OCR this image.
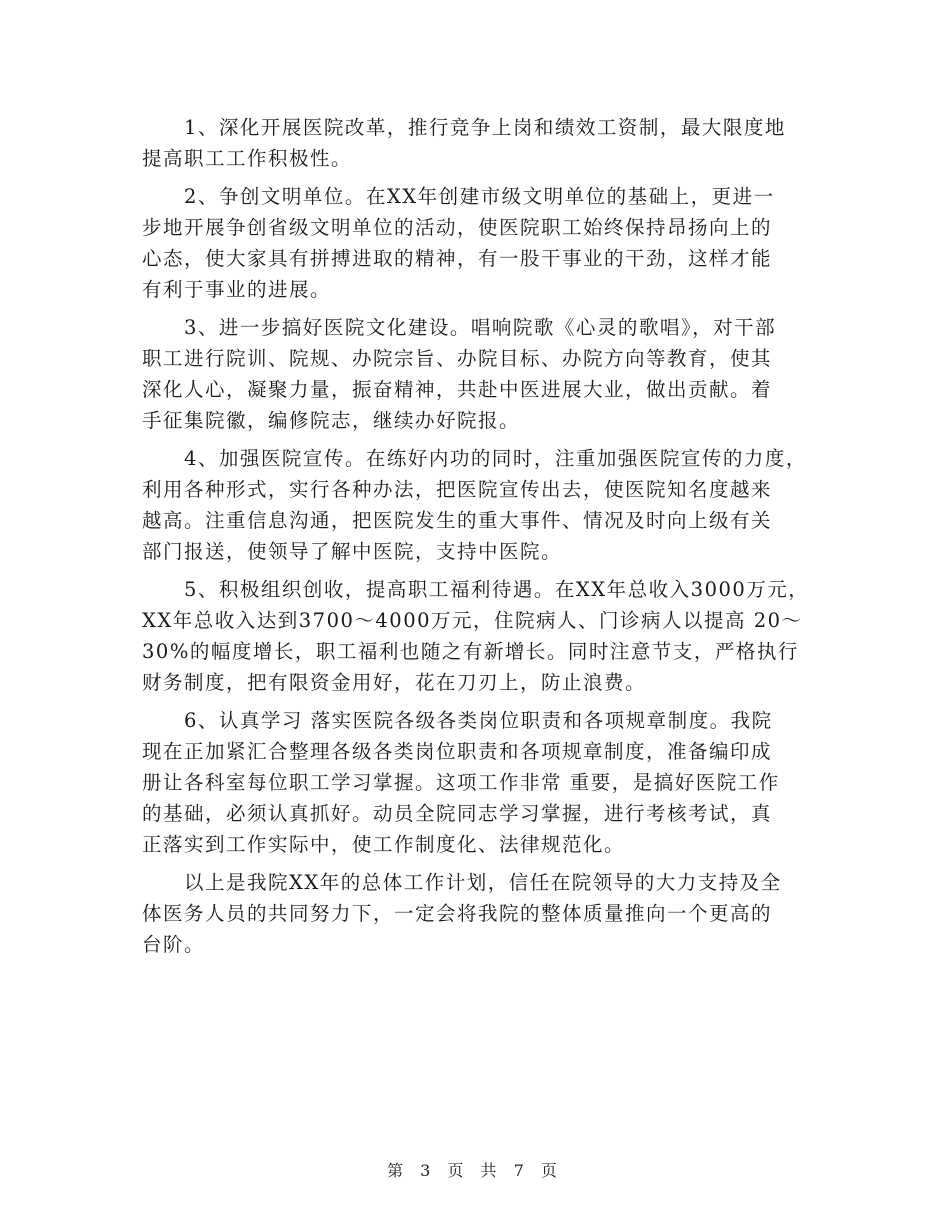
1、深化开展医院改革，推行竞争上岗和绩效工资制，最大限度地
提高职工工作积极性。

2、争创文明单位。在XX年创建市级文明单位的基础上，更进一
步地开展争创省级文明单位的活动，使医院职工始终保持昂扬向上的
心态，使大家具有拼搏进取的精神，有一股干事业的干劲，这样才能
有利于事业的进展。

3、进一步搞好医院文化建设。唱响院歌《心灵的歌唱》，对干部
职工进行院训、院规、办院宗旨、办院目标、办院方向等教育，使其
深化人心，凝聚力量，振奋精神，共赴中医进展大业，做出贡献。着
手征集院徽，编修院志，继续办好院报。

4、加强医院宣传。在练好内功的同时，注重加强医院宣传的力度，
利用各种形式，实行各种办法，把医院宣传出去，使医院知名度越来
越高。注重信息沟通，把医院发生的重大事件、情况及时向上级有关
部门报送，使领导了解中医院，支持中医院。

5、积极组织创收，提高职工福利待遇。在XX年总收入3000万元，
XX年总收入达到3700～4000万元，住院病人、门诊病人以提高 20～
30%的幅度增长，职工福利也随之有新增长。同时注意节支，严格执行
财务制度，把有限资金用好，花在刀刃上，防止浪费。

6、认真学习 落实医院各级各类岗位职责和各项规章制度。我院
现在正加紧汇合整理各级各类岗位职责和各项规章制度，准备编印成
册让各科室每位职工学习掌握。这项工作非常 重要，是搞好医院工作
的基础，必须认真抓好。动员全院同志学习掌握，进行考核考试，真
正落实到工作实际中，使工作制度化、法律规范化。

以上是我院XX年的总体工作计划，信任在院领导的大力支持及全
体医务人员的共同努力下，一定会将我院的整体质量推向一个更高的
台阶。

第 3 页 共 7 页
